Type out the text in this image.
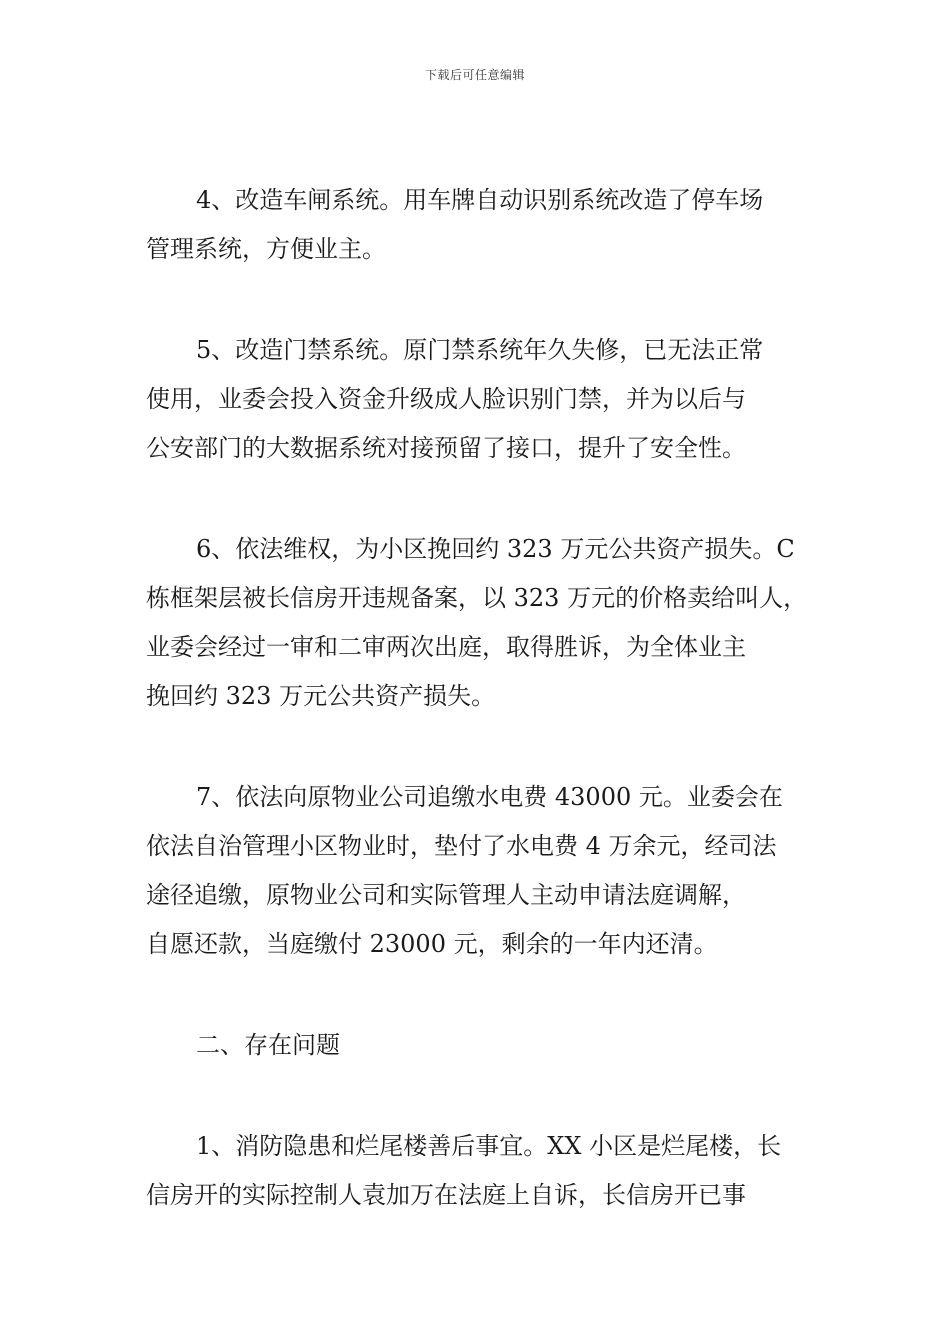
下载后可任意编辑

4、改造车闸系统。用车牌自动识别系统改造了停车场
管理系统，方便业主。

5、改造门禁系统。原门禁系统年久失修，已无法正常
使用，业委会投入资金升级成人脸识别门禁，并为以后与
公安部门的大数据系统对接预留了接口，提升了安全性。

6、依法维权，为小区挽回约 323 万元公共资产损失。C
栋框架层被长信房开违规备案，以 323 万元的价格卖给叫人，
业委会经过一审和二审两次出庭，取得胜诉，为全体业主
挽回约 323 万元公共资产损失。

7、依法向原物业公司追缴水电费 43000 元。业委会在
依法自治管理小区物业时，垫付了水电费 4 万余元，经司法
途径追缴，原物业公司和实际管理人主动申请法庭调解，
自愿还款，当庭缴付 23000 元，剩余的一年内还清。

二、存在问题

1、消防隐患和烂尾楼善后事宜。XX 小区是烂尾楼，长
信房开的实际控制人袁加万在法庭上自诉，长信房开已事
